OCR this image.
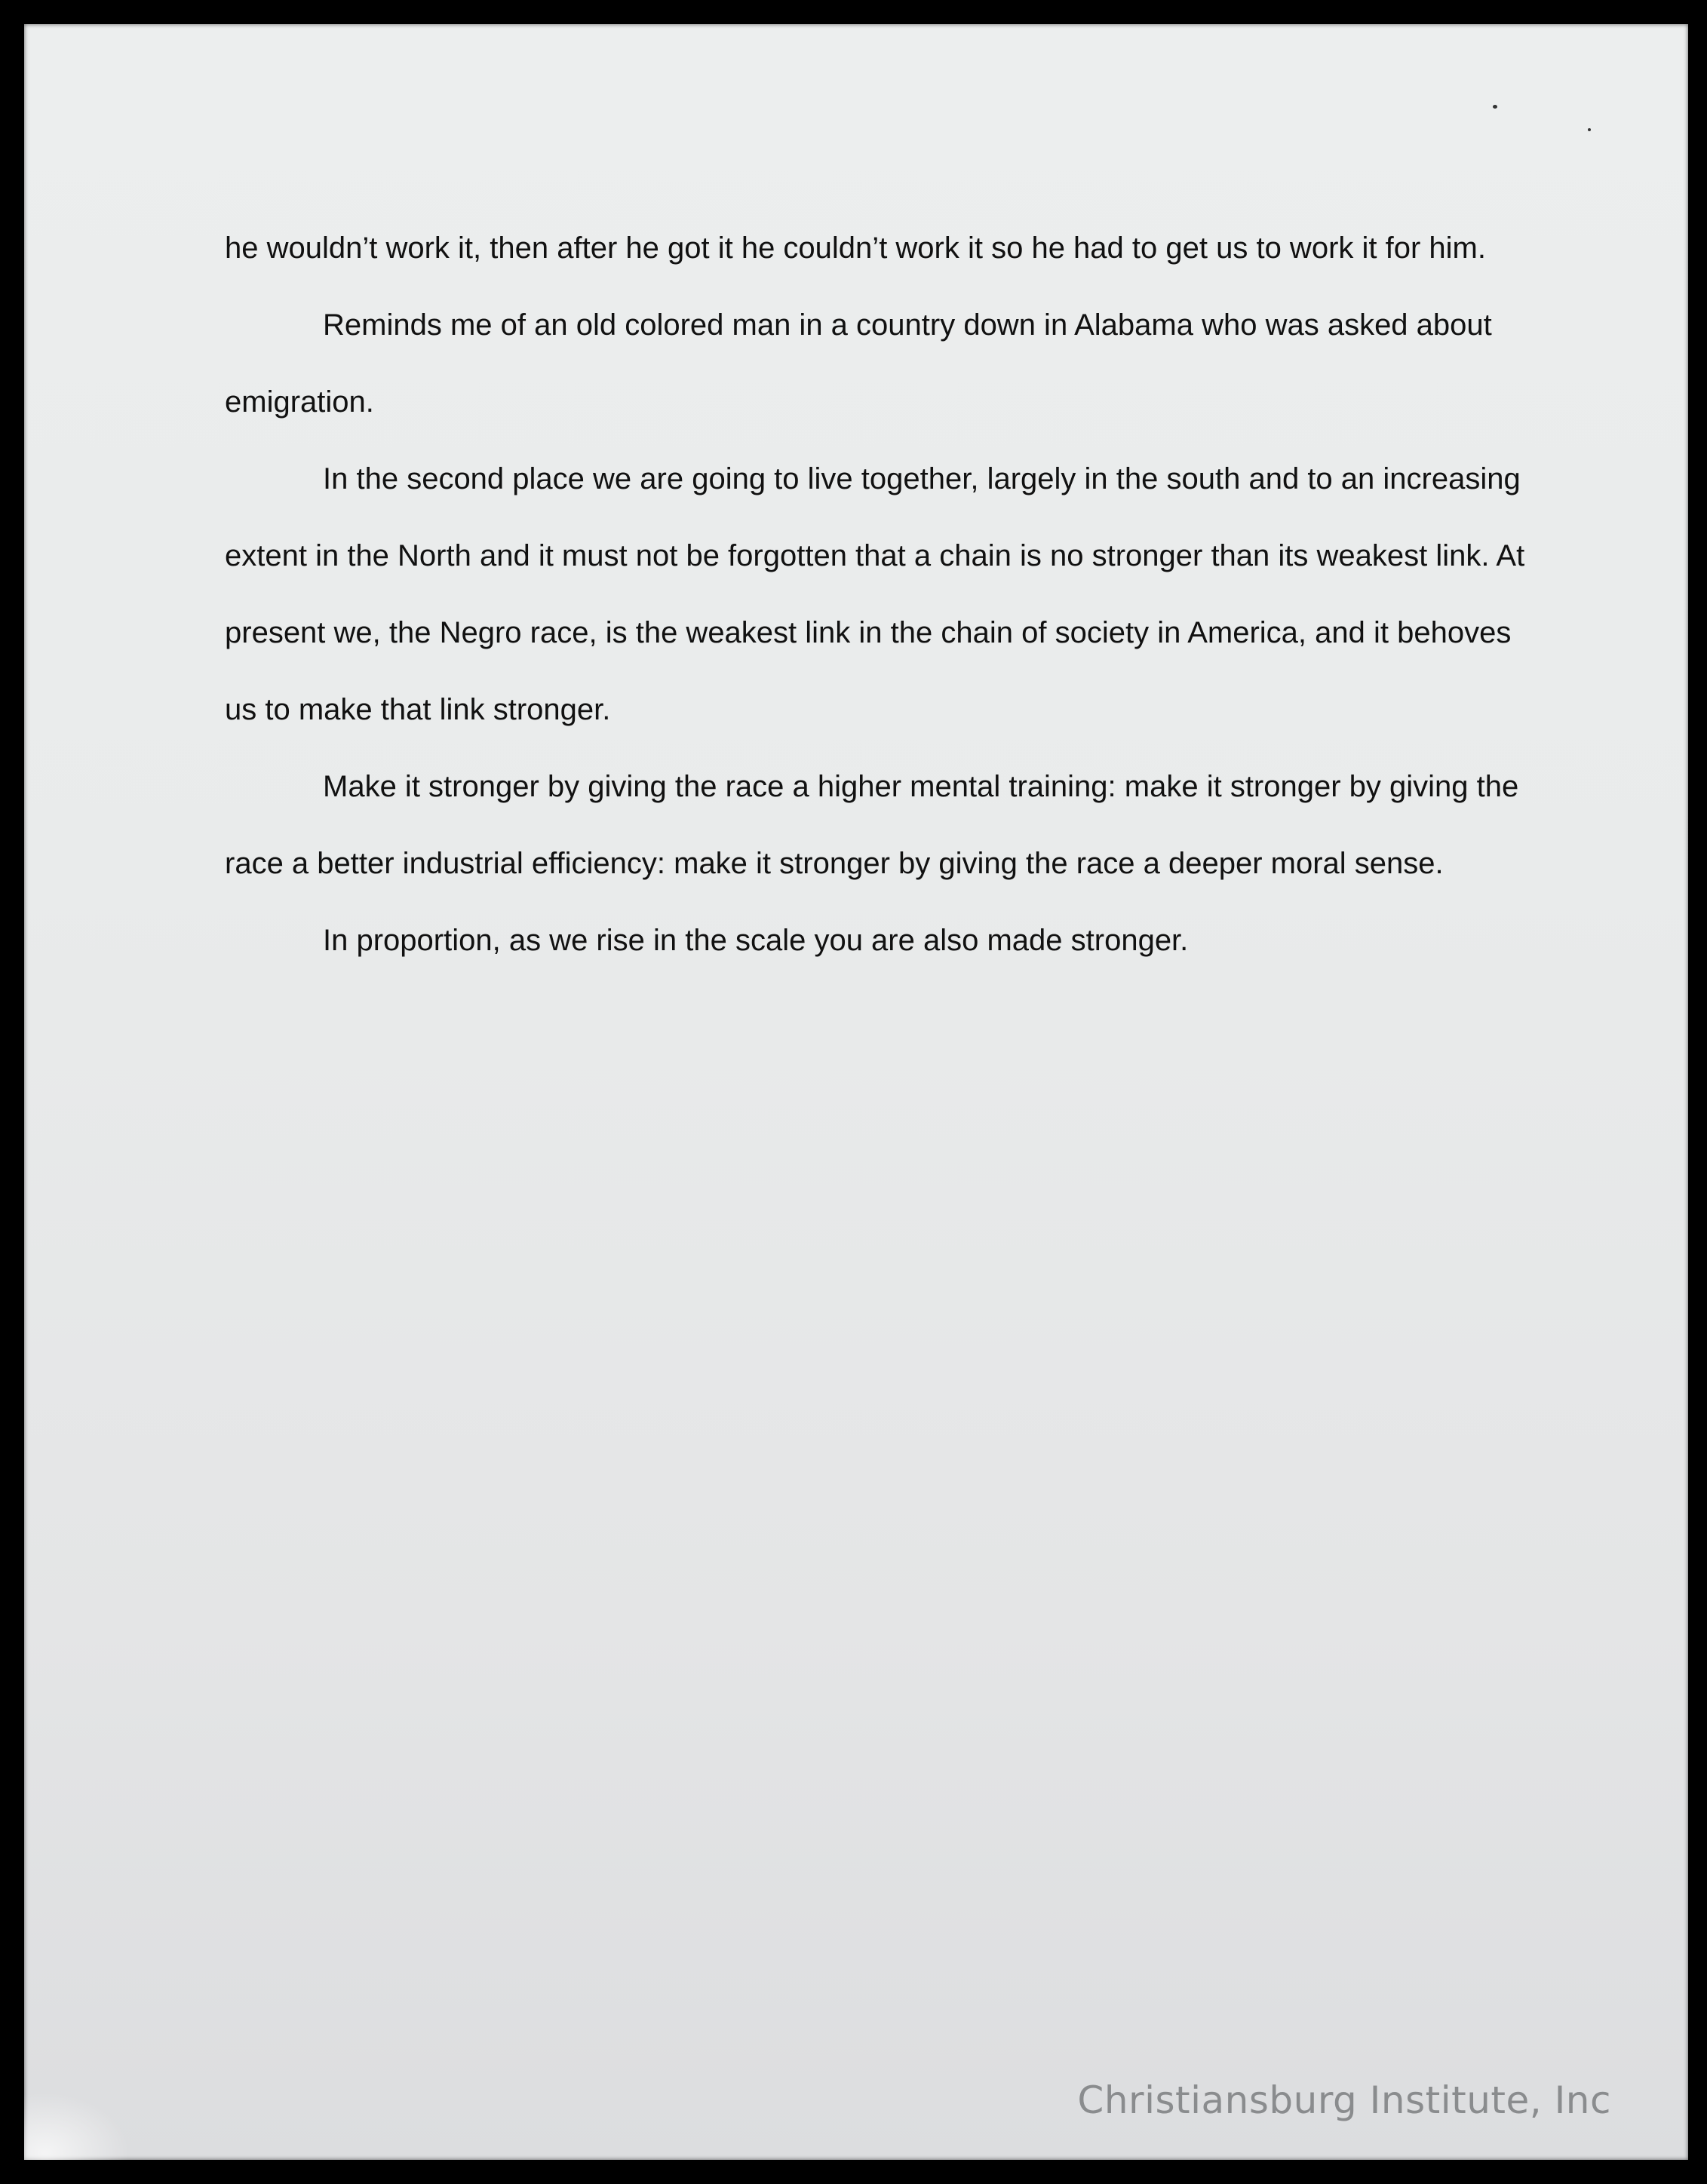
he wouldn’t work it, then after he got it he couldn’t work it so he had to get us to work it for him.

Reminds me of an old colored man in a country down in Alabama who was asked about emigration.

In the second place we are going to live together, largely in the south and to an increasing extent in the North and it must not be forgotten that a chain is no stronger than its weakest link. At present we, the Negro race, is the weakest link in the chain of society in America, and it behoves us to make that link stronger.

Make it stronger by giving the race a higher mental training: make it stronger by giving the race a better industrial efficiency: make it stronger by giving the race a deeper moral sense.

In proportion, as we rise in the scale you are also made stronger.

Christiansburg Institute, Inc
